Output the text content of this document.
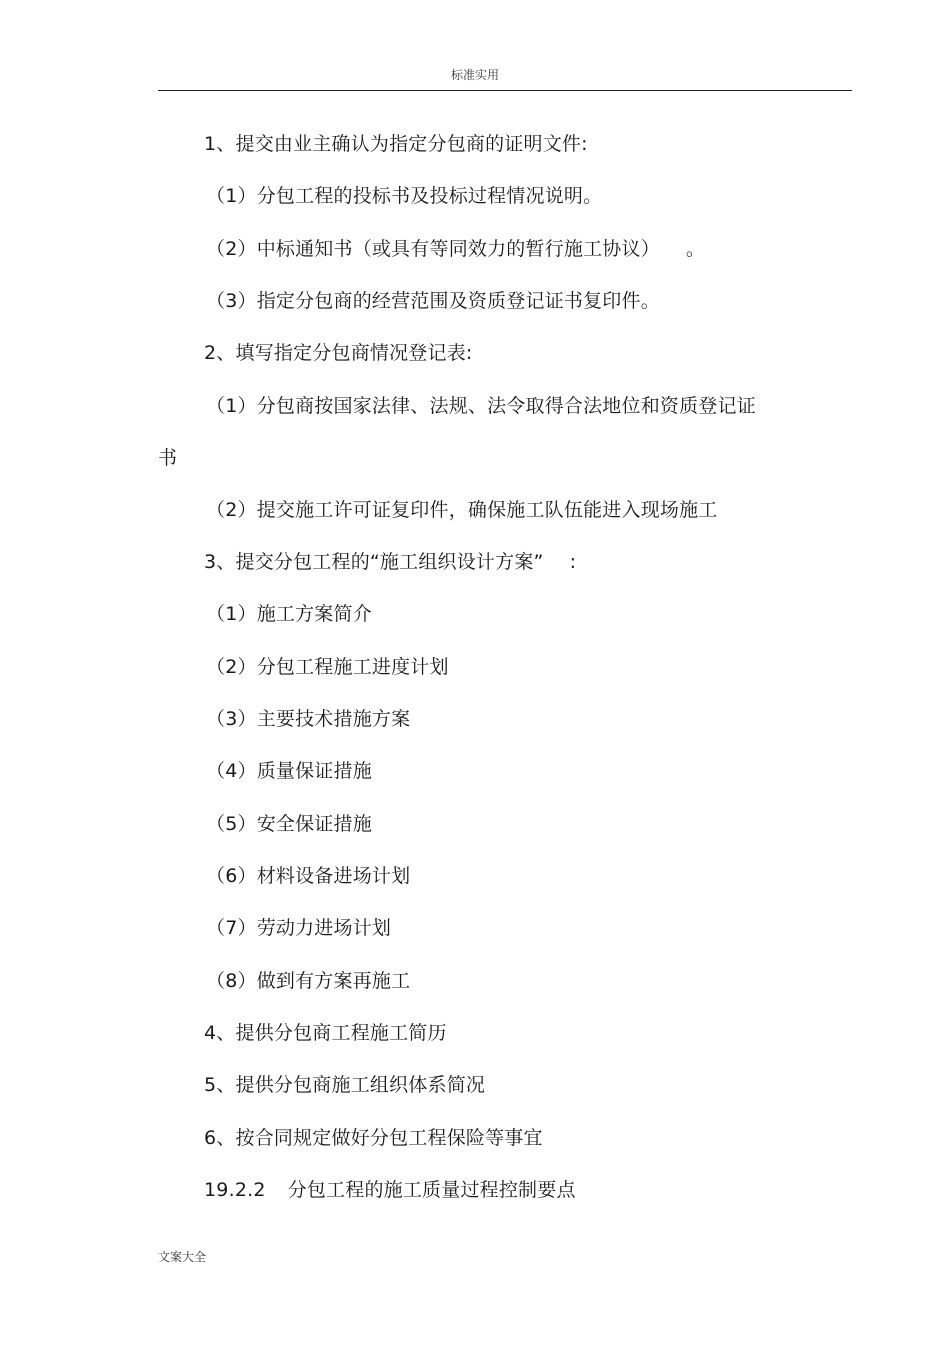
标准实用
1、提交由业主确认为指定分包商的证明文件:
（1）分包工程的投标书及投标过程情况说明。
（2）中标通知书（或具有等同效力的暂行施工协议） 。
（3）指定分包商的经营范围及资质登记证书复印件。
2、填写指定分包商情况登记表:
（1）分包商按国家法律、法规、法令取得合法地位和资质登记证
书
（2）提交施工许可证复印件，确保施工队伍能进入现场施工
3、提交分包工程的“施工组织设计方案” :
（1）施工方案简介
（2）分包工程施工进度计划
（3）主要技术措施方案
（4）质量保证措施
（5）安全保证措施
（6）材料设备进场计划
（7）劳动力进场计划
（8）做到有方案再施工
4、提供分包商工程施工简历
5、提供分包商施工组织体系简况
6、按合同规定做好分包工程保险等事宜
19.2.2 分包工程的施工质量过程控制要点
文案大全
